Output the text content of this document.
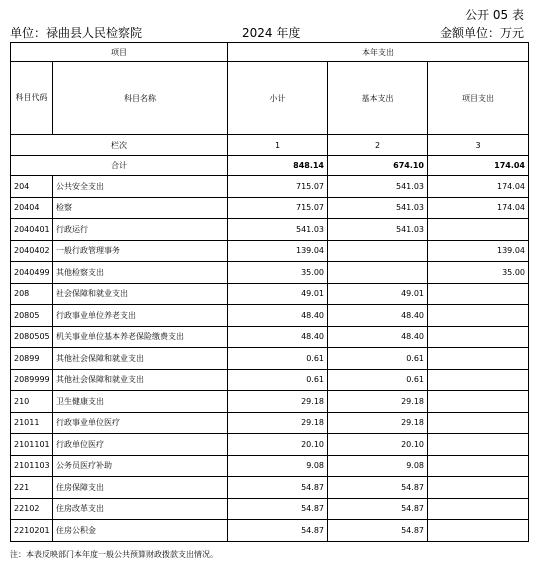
公开 05 表
单位：禄曲县人民检察院	2024 年度	金额单位：万元
项目		本年支出		
科目代码	科目名称	小计	基本支出	项目支出
栏次		1	2	3
合计		848.14	674.10	174.04
204	公共安全支出	715.07	541.03	174.04
20404	检察	715.07	541.03	174.04
2040401	行政运行	541.03	541.03	
2040402	一般行政管理事务	139.04		139.04
2040499	其他检察支出	35.00		35.00
208	社会保障和就业支出	49.01	49.01	
20805	行政事业单位养老支出	48.40	48.40	
2080505	机关事业单位基本养老保险缴费支出	48.40	48.40	
20899	其他社会保障和就业支出	0.61	0.61	
2089999	其他社会保障和就业支出	0.61	0.61	
210	卫生健康支出	29.18	29.18	
21011	行政事业单位医疗	29.18	29.18	
2101101	行政单位医疗	20.10	20.10	
2101103	公务员医疗补助	9.08	9.08	
221	住房保障支出	54.87	54.87	
22102	住房改革支出	54.87	54.87	
2210201	住房公积金	54.87	54.87	
注：本表反映部门本年度一般公共预算财政拨款支出情况。
